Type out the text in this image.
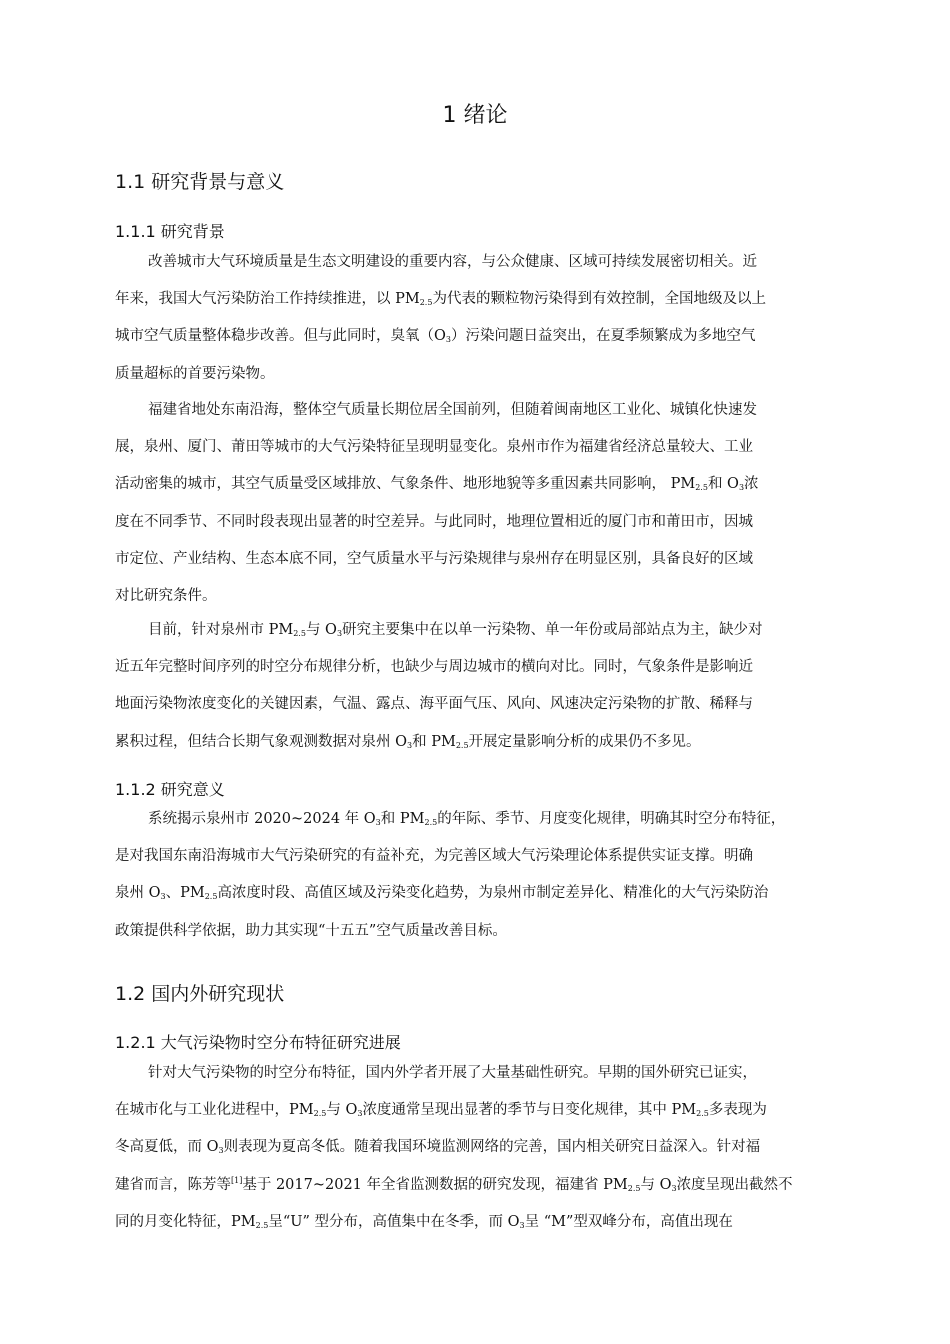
1 绪论
1.1 研究背景与意义
1.1.1 研究背景
改善城市大气环境质量是生态文明建设的重要内容，与公众健康、区域可持续发展密切相关。近
年来，我国大气污染防治工作持续推进，以 $PM_{2.5}$为代表的颗粒物污染得到有效控制，全国地级及以上
城市空气质量整体稳步改善。但与此同时，臭氧$(O_3)$污染问题日益突出，在夏季频繁成为多地空气
质量超标的首要污染物。
福建省地处东南沿海，整体空气质量长期位居全国前列，但随着闽南地区工业化、城镇化快速发
展，泉州、厦门、莆田等城市的大气污染特征呈现明显变化。泉州市作为福建省经济总量较大、工业
活动密集的城市，其空气质量受区域排放、气象条件、地形地貌等多重因素共同影响， $PM_{2.5}$和 $O_3$浓
度在不同季节、不同时段表现出显著的时空差异。与此同时，地理位置相近的厦门市和莆田市，因城
市定位、产业结构、生态本底不同，空气质量水平与污染规律与泉州存在明显区别，具备良好的区域
对比研究条件。
目前，针对泉州市 $PM_{2.5}$与 $O_3$研究主要集中在以单一污染物、单一年份或局部站点为主，缺少对
近五年完整时间序列的时空分布规律分析，也缺少与周边城市的横向对比。同时，气象条件是影响近
地面污染物浓度变化的关键因素，气温、露点、海平面气压、风向、风速决定污染物的扩散、稀释与
累积过程，但结合长期气象观测数据对泉州 $O_3$和 $PM_{2.5}$开展定量影响分析的成果仍不多见。
1.1.2 研究意义
系统揭示泉州市 2020~2024 年 $O_3$和 $PM_{2.5}$的年际、季节、月度变化规律，明确其时空分布特征，
是对我国东南沿海城市大气污染研究的有益补充，为完善区域大气污染理论体系提供实证支撑。明确
泉州 $O_3$、$PM_{2.5}$高浓度时段、高值区域及污染变化趋势，为泉州市制定差异化、精准化的大气污染防治
政策提供科学依据，助力其实现“十五五”空气质量改善目标。
1.2 国内外研究现状
1.2.1 大气污染物时空分布特征研究进展
针对大气污染物的时空分布特征，国内外学者开展了大量基础性研究。早期的国外研究已证实，
在城市化与工业化进程中，$PM_{2.5}$与 $O_3$浓度通常呈现出显著的季节与日变化规律，其中 $PM_{2.5}$多表现为
冬高夏低，而 $O_3$则表现为夏高冬低。随着我国环境监测网络的完善，国内相关研究日益深入。针对福
建省而言，陈芳等[1]基于 2017~2021 年全省监测数据的研究发现，福建省 $PM_{2.5}$与 $O_3$浓度呈现出截然不
同的月变化特征，$PM_{2.5}$呈“U” 型分布，高值集中在冬季，而 $O_3$呈 “M”型双峰分布，高值出现在
